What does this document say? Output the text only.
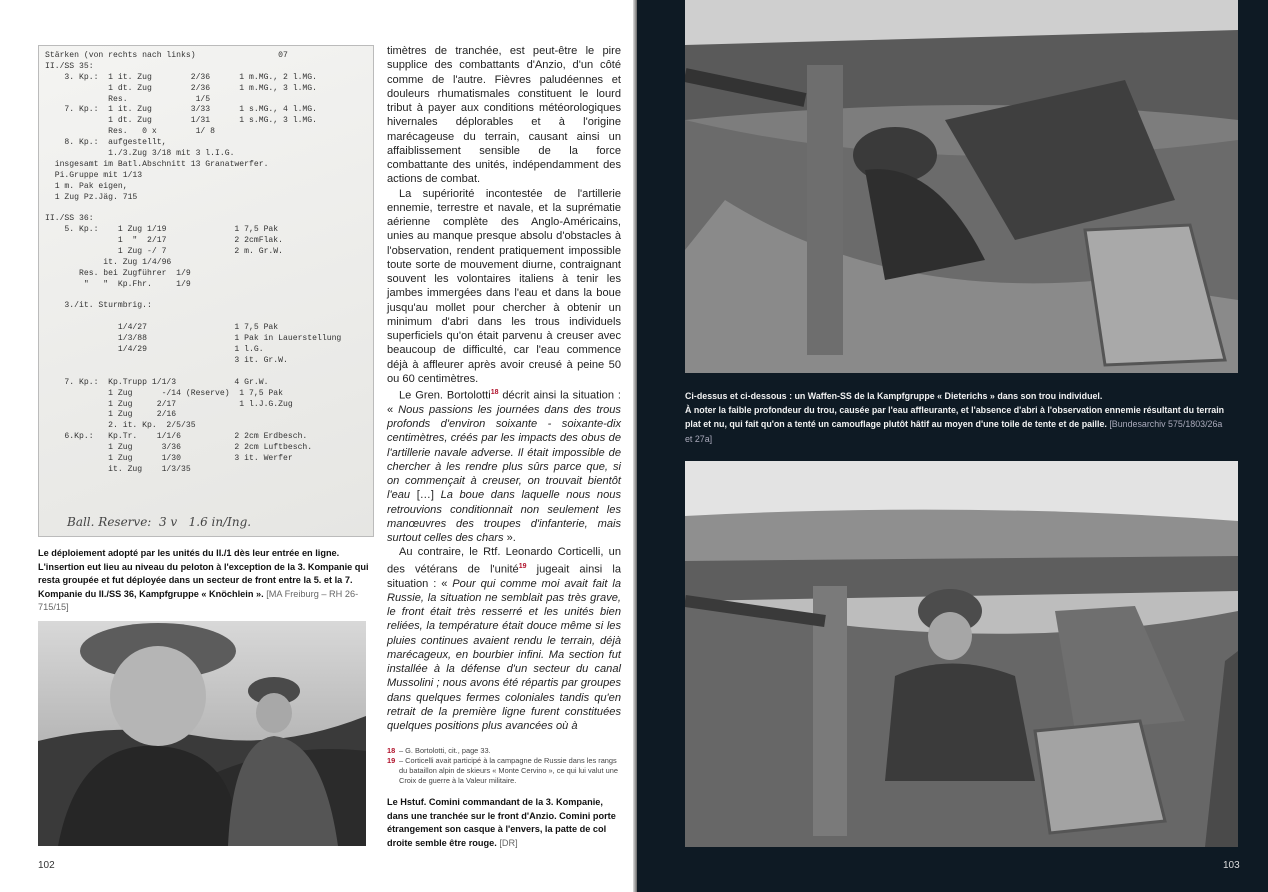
Stärken (von rechts nach links)                 07
II./SS 35:
3. Kp.:  1 it. Zug        2/36      1 m.MG., 2 l.MG.
1 dt. Zug        2/36      1 m.MG., 3 l.MG.
Res.              1/5
7. Kp.:  1 it. Zug        3/33      1 s.MG., 4 l.MG.
1 dt. Zug        1/31      1 s.MG., 3 l.MG.
Res.   0 x        1/ 8
8. Kp.:  aufgestellt,
1./3.Zug 3/18 mit 3 l.I.G.
insgesamt im Batl.Abschnitt 13 Granatwerfer.
Pi.Gruppe mit 1/13
1 m. Pak eigen,
1 Zug Pz.Jäg. 715
II./SS 36:
5. Kp.:    1 Zug 1/19              1 7,5 Pak
1  "  2/17              2 2cmFlak.
1 Zug -/ 7              2 m. Gr.W.
it. Zug 1/4/96
Res. bei Zugführer  1/9
"   "  Kp.Fhr.     1/9
3./it. Sturmbrig.:
1/4/27                  1 7,5 Pak
1/3/88                  1 Pak in Lauerstellung
1/4/29                  1 l.G.
3 it. Gr.W.
7. Kp.:  Kp.Trupp 1/1/3            4 Gr.W.
1 Zug      -/14 (Reserve)  1 7,5 Pak
1 Zug     2/17             1 l.J.G.Zug
1 Zug     2/16
2. it. Kp.  2/5/35
6.Kp.:   Kp.Tr.    1/1/6           2 2cm Erdbesch.
1 Zug      3/36           2 2cm Luftbesch.
1 Zug      1/30           3 it. Werfer
it. Zug    1/3/35
Ball. Reserve:  3 v   1.6 in/Ing.
Le déploiement adopté par les unités du II./1 dès leur entrée en ligne. L'insertion eut lieu au niveau du peloton à l'exception de la 3. Kompanie qui resta groupée et fut déployée dans un secteur de front entre la 5. et la 7. Kompanie du II./SS 36, Kampfgruppe « Knöchlein ». [MA Freiburg – RH 26-715/15]

timètres de tranchée, est peut-être le pire supplice des combattants d'Anzio, d'un côté comme de l'autre. Fièvres paludéennes et douleurs rhumatismales constituent le lourd tribut à payer aux conditions météorologiques hivernales déplorables et à l'origine marécageuse du terrain, causant ainsi un affaiblissement sensible de la force combattante des unités, indépendamment des actions de combat.

La supériorité incontestée de l'artillerie ennemie, terrestre et navale, et la suprématie aérienne complète des Anglo-Américains, unies au manque presque absolu d'obstacles à l'observation, rendent pratiquement impossible toute sorte de mouvement diurne, contraignant souvent les volontaires italiens à tenir les jambes immergées dans l'eau et dans la boue jusqu'au mollet pour chercher à obtenir un minimum d'abri dans les trous individuels superficiels qu'on était parvenu à creuser avec beaucoup de difficulté, car l'eau commence déjà à affleurer après avoir creusé à peine 50 ou 60 centimètres.

Le Gren. Bortolotti$^{18}$ décrit ainsi la situation : « Nous passions les journées dans des trous profonds d'environ soixante - soixante-dix centimètres, créés par les impacts des obus de l'artillerie navale adverse. Il était impossible de chercher à les rendre plus sûrs parce que, si on commençait à creuser, on trouvait bientôt l'eau […] La boue dans laquelle nous nous retrouvions conditionnait non seulement les manœuvres des troupes d'infanterie, mais surtout celles des chars ».

Au contraire, le Rtf. Leonardo Corticelli, un des vétérans de l'unité$^{19}$ jugeait ainsi la situation : « Pour qui comme moi avait fait la Russie, la situation ne semblait pas très grave, le front était très resserré et les unités bien reliées, la température était douce même si les pluies continues avaient rendu le terrain, déjà marécageux, en bourbier infini. Ma section fut installée à la défense d'un secteur du canal Mussolini ; nous avons été répartis par groupes dans quelques fermes coloniales tandis qu'en retrait de la première ligne furent constituées quelques positions plus avancées où à

18 – G. Bortolotti, cit., page 33.
19 – Corticelli avait participé à la campagne de Russie dans les rangs du bataillon alpin de skieurs « Monte Cervino », ce qui lui valut une Croix de guerre à la Valeur militaire.
Le Hstuf. Comini commandant de la 3. Kompanie, dans une tranchée sur le front d'Anzio. Comini porte étrangement son casque à l'envers, la patte de col droite semble être rouge. [DR]
102
Ci-dessus et ci-dessous : un Waffen-SS de la Kampfgruppe « Dieterichs » dans son trou individuel.
À noter la faible profondeur du trou, causée par l'eau affleurante, et l'absence d'abri à l'observation ennemie résultant du terrain plat et nu, qui fait qu'on a tenté un camouflage plutôt hâtif au moyen d'une toile de tente et de paille. [Bundesarchiv 575/1803/26a et 27a]
103
